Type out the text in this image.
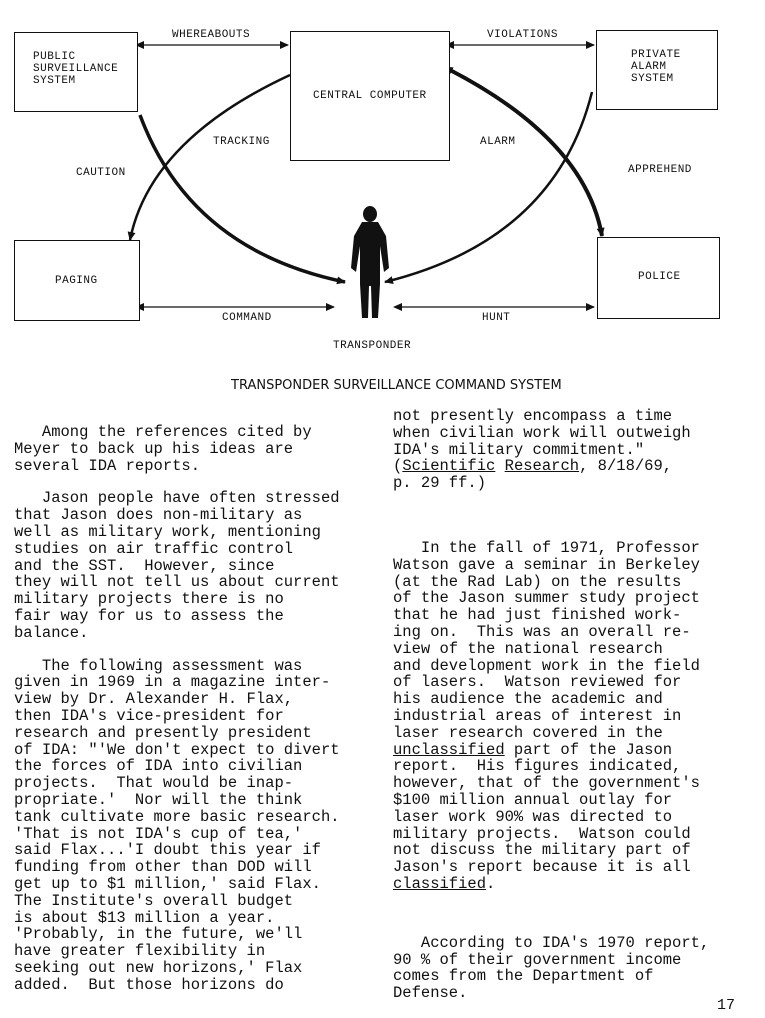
PUBLIC
SURVEILLANCE
SYSTEM
CENTRAL COMPUTER
PRIVATE
ALARM
SYSTEM
PAGING	POLICE
WHEREABOUTS	VIOLATIONS
TRACKING	ALARM
CAUTION	APPREHEND
COMMAND	HUNT
TRANSPONDER
TRANSPONDER SURVEILLANCE COMMAND SYSTEM

Among the references cited by
Meyer to back up his ideas are
several IDA reports.

Jason people have often stressed
that Jason does non-military as
well as military work, mentioning
studies on air traffic control
and the SST.  However, since
they will not tell us about current
military projects there is no
fair way for us to assess the
balance.

The following assessment was
given in 1969 in a magazine inter-
view by Dr. Alexander H. Flax,
then IDA's vice-president for
research and presently president
of IDA: "'We don't expect to divert
the forces of IDA into civilian
projects.  That would be inap-
propriate.'  Nor will the think
tank cultivate more basic research.
'That is not IDA's cup of tea,'
said Flax...'I doubt this year if
funding from other than DOD will
get up to $1 million,' said Flax.
The Institute's overall budget
is about $13 million a year.
'Probably, in the future, we'll
have greater flexibility in
seeking out new horizons,' Flax
added.  But those horizons do

not presently encompass a time
when civilian work will outweigh
IDA's military commitment."
(Scientific Research, 8/18/69,
p. 29 ff.)

In the fall of 1971, Professor
Watson gave a seminar in Berkeley
(at the Rad Lab) on the results
of the Jason summer study project
that he had just finished work-
ing on.  This was an overall re-
view of the national research
and development work in the field
of lasers.  Watson reviewed for
his audience the academic and
industrial areas of interest in
laser research covered in the
unclassified part of the Jason
report.  His figures indicated,
however, that of the government's
$100 million annual outlay for
laser work 90% was directed to
military projects.  Watson could
not discuss the military part of
Jason's report because it is all
classified.

According to IDA's 1970 report,
90 % of their government income
comes from the Department of
Defense.

17
